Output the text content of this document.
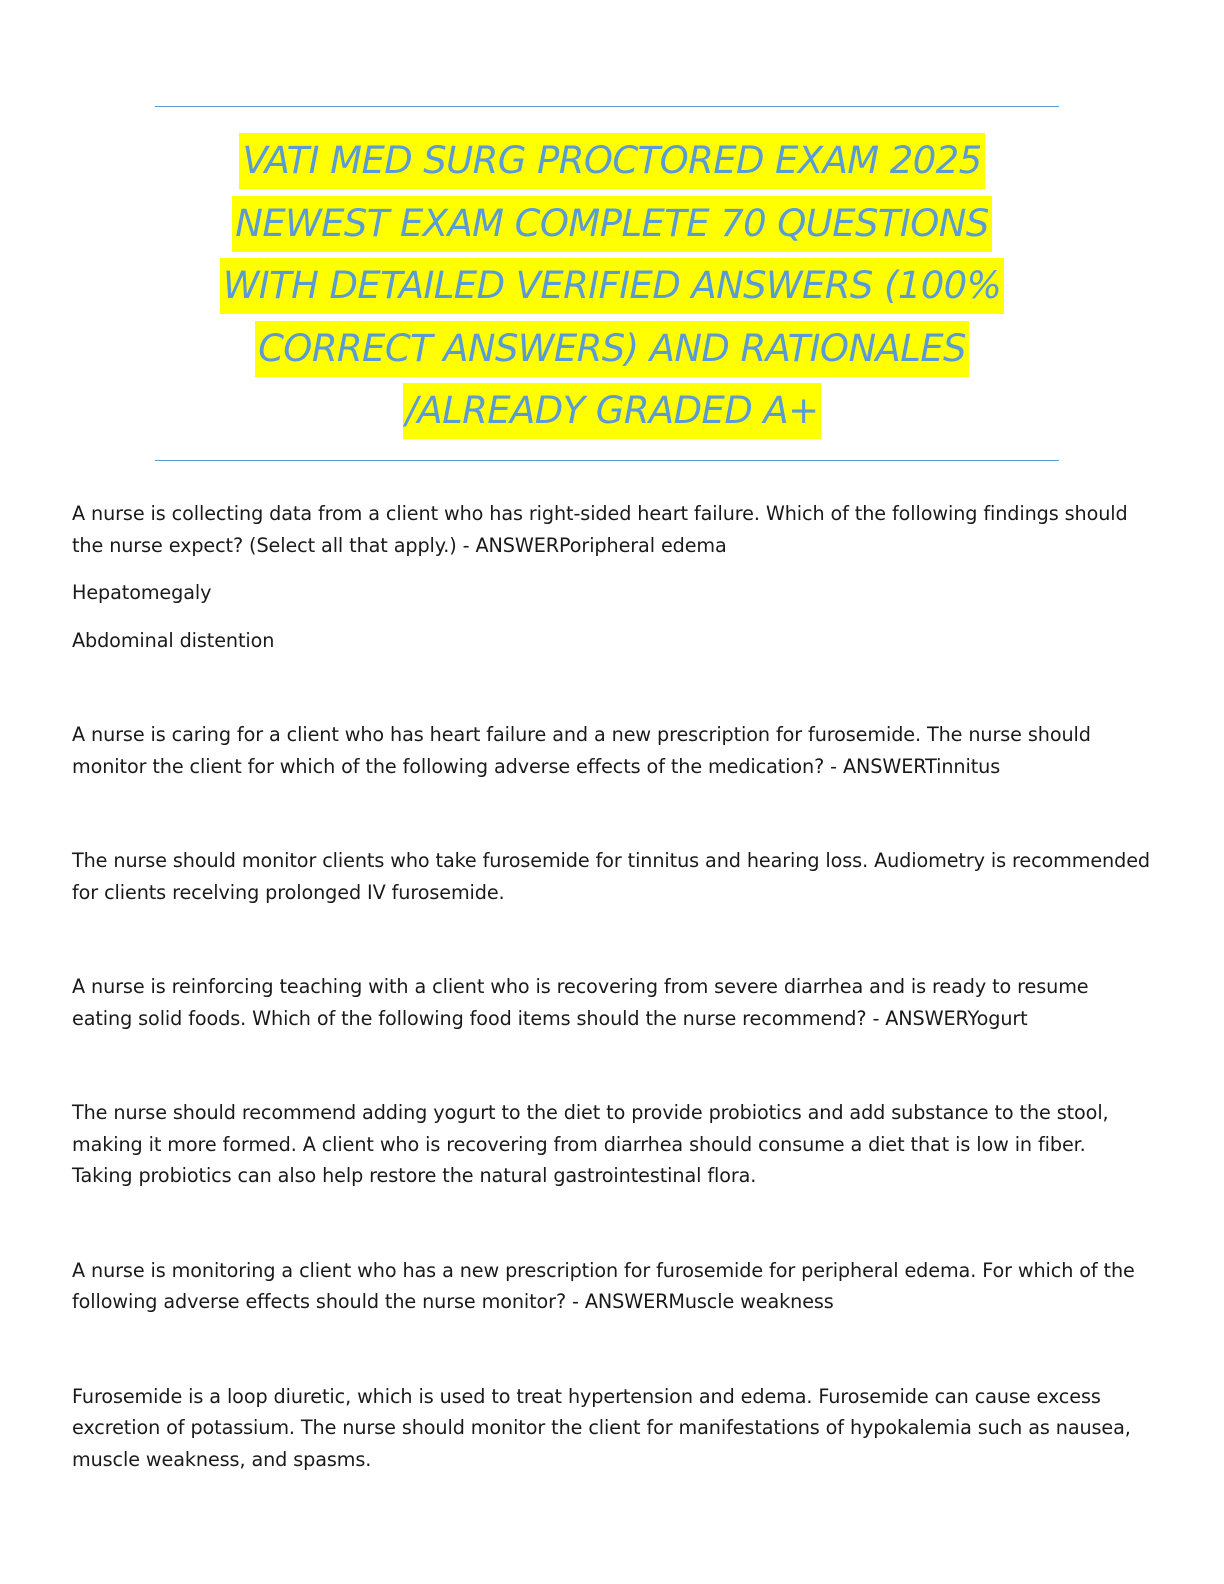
VATI MED SURG PROCTORED EXAM 2025
NEWEST EXAM COMPLETE 70 QUESTIONS
WITH DETAILED VERIFIED ANSWERS (100%
CORRECT ANSWERS) AND RATIONALES
/ALREADY GRADED A+

A nurse is collecting data from a client who has right-sided heart failure. Which of the following findings should the nurse expect? (Select all that apply.) - ANSWERPoripheral edema

Hepatomegaly

Abdominal distention

A nurse is caring for a client who has heart failure and a new prescription for furosemide. The nurse should monitor the client for which of the following adverse effects of the medication? - ANSWERTinnitus

The nurse should monitor clients who take furosemide for tinnitus and hearing loss. Audiometry is recommended for clients recelving prolonged IV furosemide.

A nurse is reinforcing teaching with a client who is recovering from severe diarrhea and is ready to resume eating solid foods. Which of the following food items should the nurse recommend? - ANSWERYogurt

The nurse should recommend adding yogurt to the diet to provide probiotics and add substance to the stool, making it more formed. A client who is recovering from diarrhea should consume a diet that is low in fiber. Taking probiotics can also help restore the natural gastrointestinal flora.

A nurse is monitoring a client who has a new prescription for furosemide for peripheral edema. For which of the following adverse effects should the nurse monitor? - ANSWERMuscle weakness

Furosemide is a loop diuretic, which is used to treat hypertension and edema. Furosemide can cause excess excretion of potassium. The nurse should monitor the client for manifestations of hypokalemia such as nausea, muscle weakness, and spasms.
